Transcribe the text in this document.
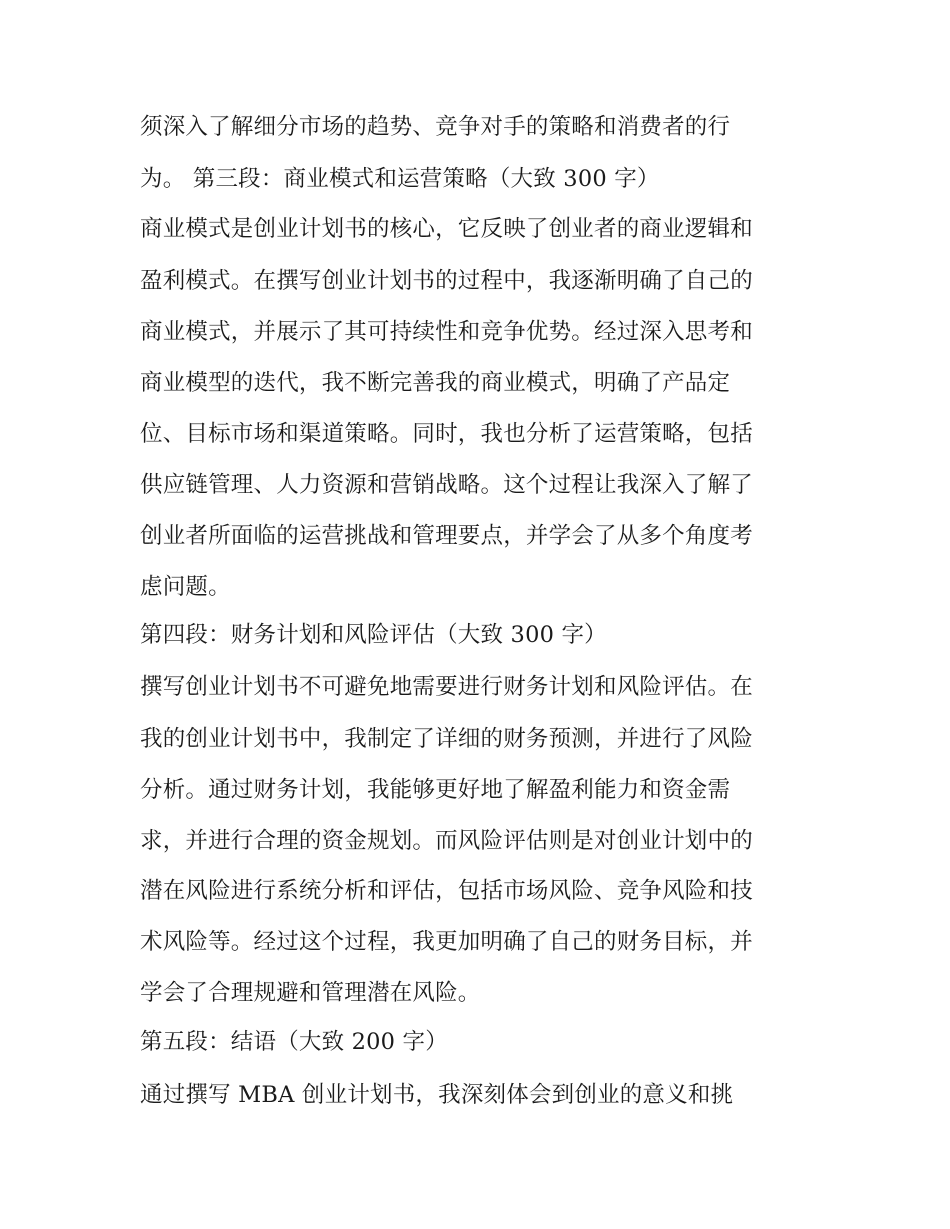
须深入了解细分市场的趋势、竞争对手的策略和消费者的行
为。 第三段：商业模式和运营策略（大致 300 字）
商业模式是创业计划书的核心，它反映了创业者的商业逻辑和
盈利模式。在撰写创业计划书的过程中，我逐渐明确了自己的
商业模式，并展示了其可持续性和竞争优势。经过深入思考和
商业模型的迭代，我不断完善我的商业模式，明确了产品定
位、目标市场和渠道策略。同时，我也分析了运营策略，包括
供应链管理、人力资源和营销战略。这个过程让我深入了解了
创业者所面临的运营挑战和管理要点，并学会了从多个角度考
虑问题。
第四段：财务计划和风险评估（大致 300 字）
撰写创业计划书不可避免地需要进行财务计划和风险评估。在
我的创业计划书中，我制定了详细的财务预测，并进行了风险
分析。通过财务计划，我能够更好地了解盈利能力和资金需
求，并进行合理的资金规划。而风险评估则是对创业计划中的
潜在风险进行系统分析和评估，包括市场风险、竞争风险和技
术风险等。经过这个过程，我更加明确了自己的财务目标，并
学会了合理规避和管理潜在风险。
第五段：结语（大致 200 字）
通过撰写 MBA 创业计划书，我深刻体会到创业的意义和挑
